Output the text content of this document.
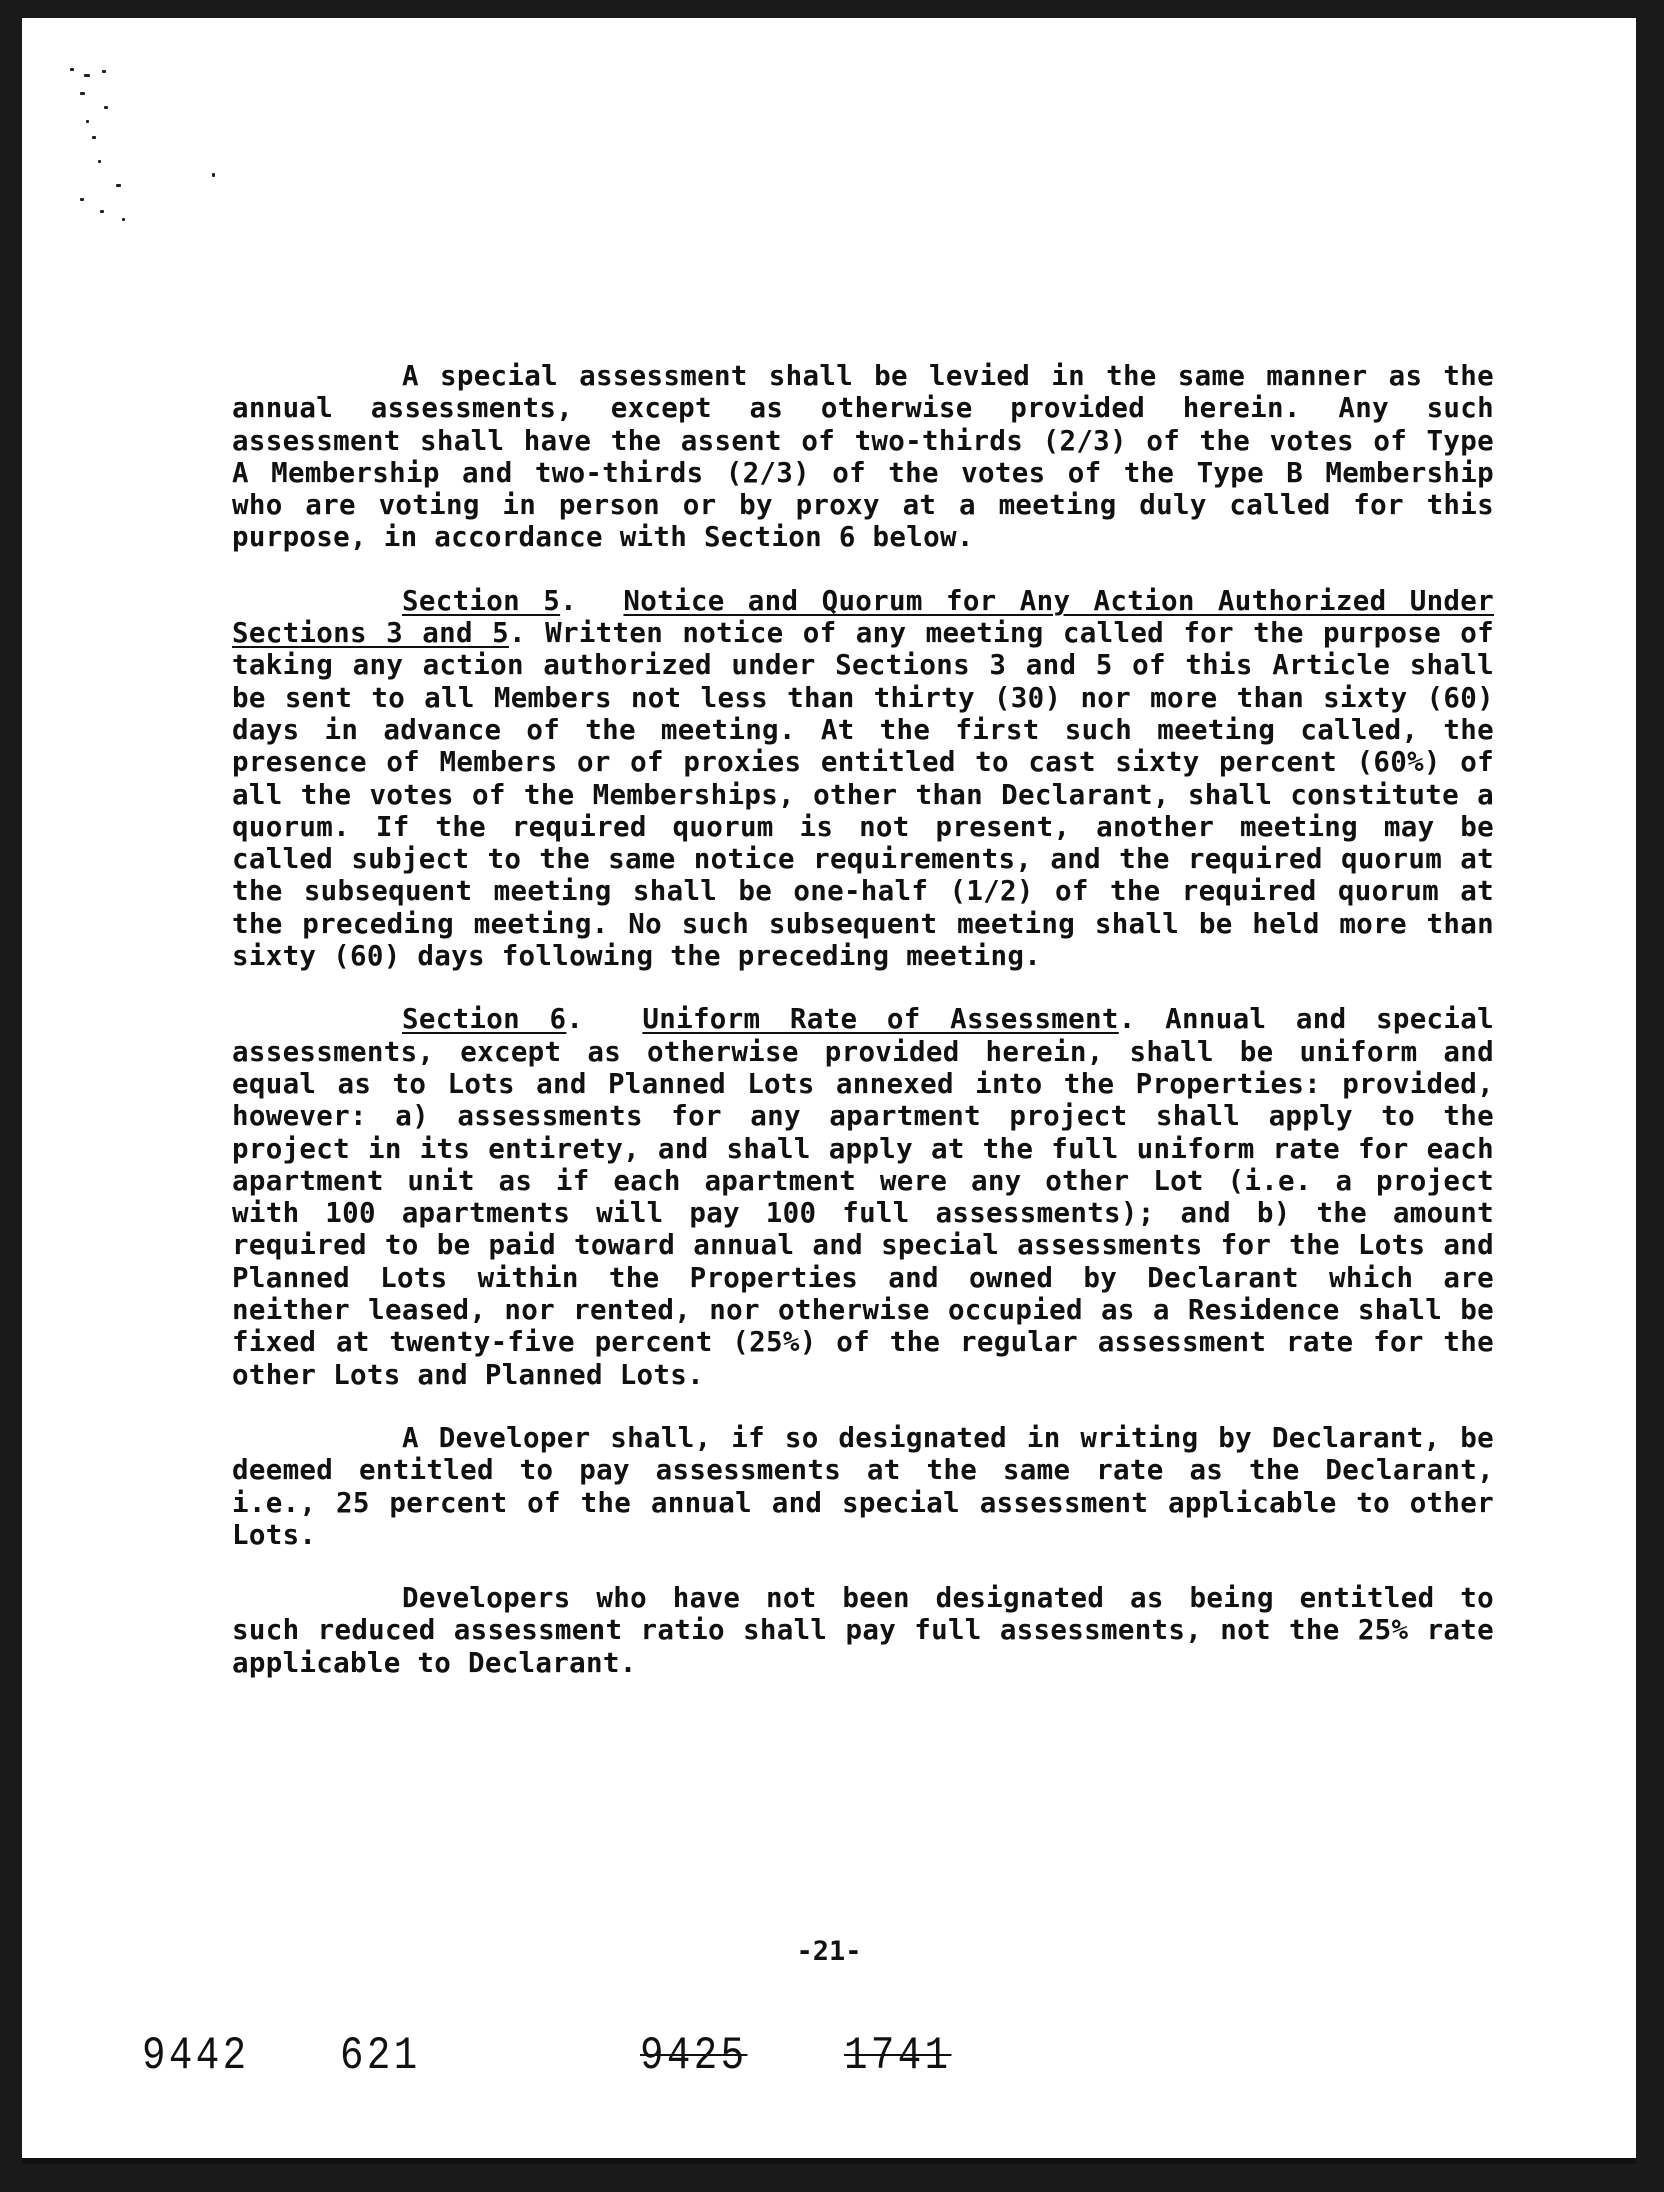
A special assessment shall be levied in the same manner as the annual assessments, except as otherwise provided herein. Any such assessment shall have the assent of two-thirds (2/3) of the votes of Type A Membership and two-thirds (2/3) of the votes of the Type B Membership who are voting in person or by proxy at a meeting duly called for this purpose, in accordance with Section 6 below.

Section 5.  Notice and Quorum for Any Action Authorized Under Sections 3 and 5. Written notice of any meeting called for the purpose of taking any action authorized under Sections 3 and 5 of this Article shall be sent to all Members not less than thirty (30) nor more than sixty (60) days in advance of the meeting. At the first such meeting called, the presence of Members or of proxies entitled to cast sixty percent (60%) of all the votes of the Memberships, other than Declarant, shall constitute a quorum. If the required quorum is not present, another meeting may be called subject to the same notice requirements, and the required quorum at the subsequent meeting shall be one-half (1/2) of the required quorum at the preceding meeting. No such subsequent meeting shall be held more than sixty (60) days following the preceding meeting.

Section 6.  Uniform Rate of Assessment. Annual and special assessments, except as otherwise provided herein, shall be uniform and equal as to Lots and Planned Lots annexed into the Properties: provided, however: a) assessments for any apartment project shall apply to the project in its entirety, and shall apply at the full uniform rate for each apartment unit as if each apartment were any other Lot (i.e. a project with 100 apartments will pay 100 full assessments); and b) the amount required to be paid toward annual and special assessments for the Lots and Planned Lots within the Properties and owned by Declarant which are neither leased, nor rented, nor otherwise occupied as a Residence shall be fixed at twenty-five percent (25%) of the regular assessment rate for the other Lots and Planned Lots.

A Developer shall, if so designated in writing by Declarant, be deemed entitled to pay assessments at the same rate as the Declarant, i.e., 25 percent of the annual and special assessment applicable to other Lots.

Developers who have not been designated as being entitled to such reduced assessment ratio shall pay full assessments, not the 25% rate applicable to Declarant.

-21-
9442 621	9425 1741
